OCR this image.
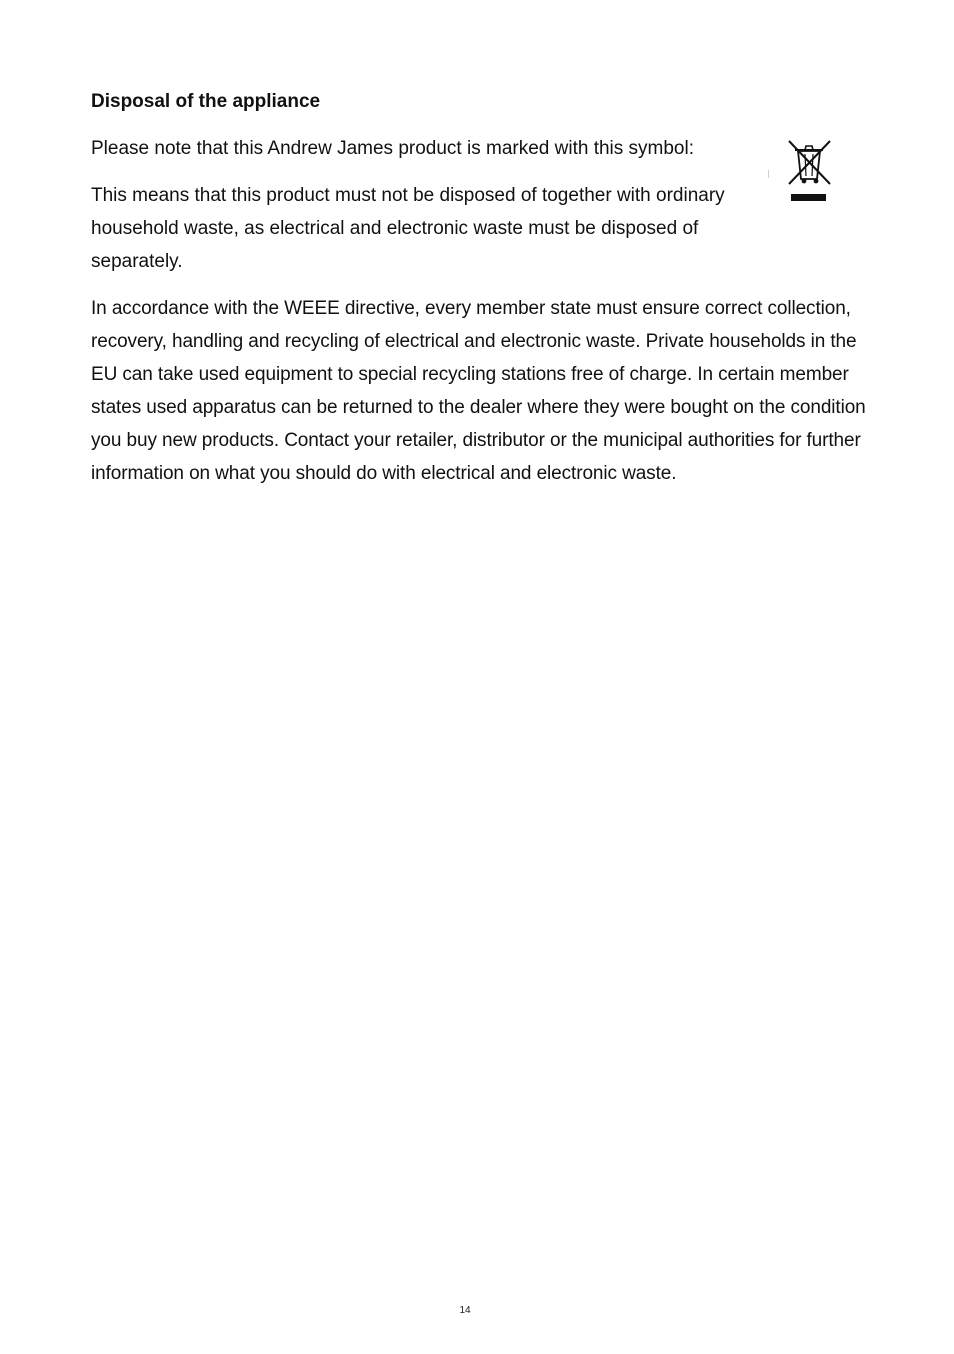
Disposal of the appliance

Please note that this Andrew James product is marked with this symbol:

This means that this product must not be disposed of together with ordinary household waste, as electrical and electronic waste must be disposed of separately.

In accordance with the WEEE directive, every member state must ensure correct collection, recovery, handling and recycling of electrical and electronic waste. Private households in the EU can take used equipment to special recycling stations free of charge. In certain member states used apparatus can be returned to the dealer where they were bought on the condition you buy new products. Contact your retailer, distributor or the municipal authorities for further information on what you should do with electrical and electronic waste.

14
